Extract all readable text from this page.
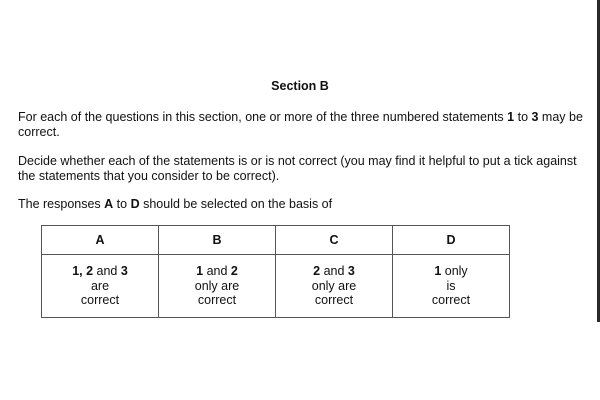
Section B
For each of the questions in this section, one or more of the three numbered statements 1 to 3 may be correct.
Decide whether each of the statements is or is not correct (you may find it helpful to put a tick against the statements that you consider to be correct).
The responses A to D should be selected on the basis of
A	B	C	D

1, 2 and 3
are
correct	1 and 2
only are
correct	2 and 3
only are
correct	1 only
is
correct
